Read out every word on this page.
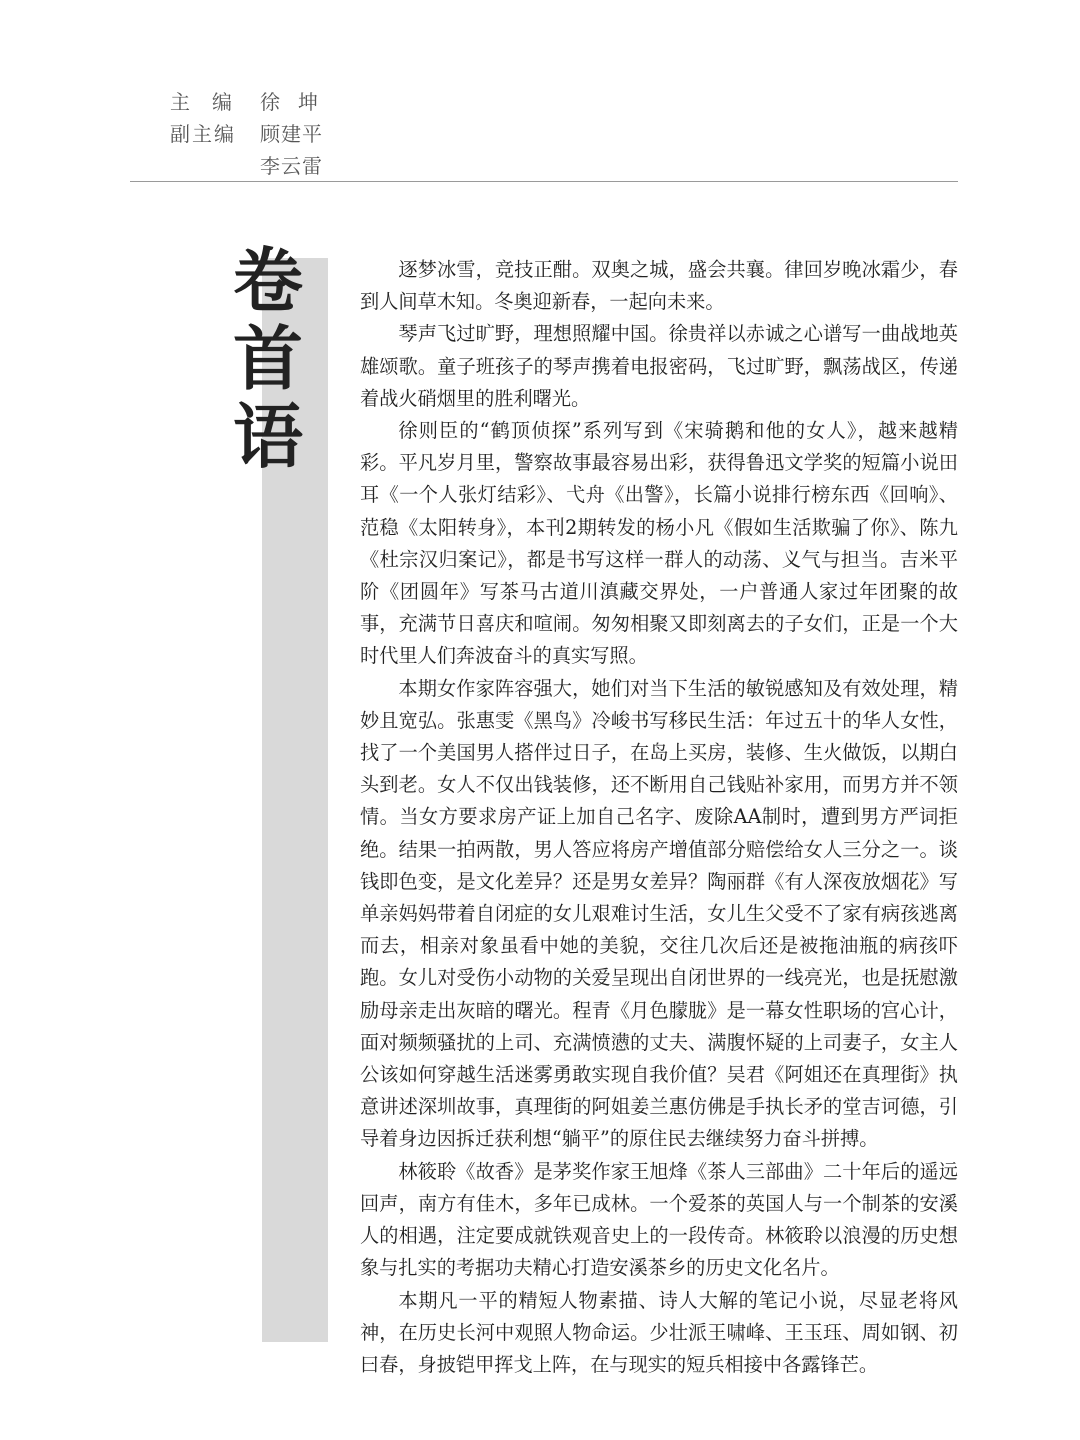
主编 徐坤
副主编 顾建平
李云雷
卷
首
语

逐梦冰雪，竞技正酣。双奥之城，盛会共襄。律回岁晚冰霜少，春到人间草木知。冬奥迎新春，一起向未来。

琴声飞过旷野，理想照耀中国。徐贵祥以赤诚之心谱写一曲战地英雄颂歌。童子班孩子的琴声携着电报密码，飞过旷野，飘荡战区，传递着战火硝烟里的胜利曙光。

徐则臣的“鹤顶侦探”系列写到《宋骑鹅和他的女人》，越来越精彩。平凡岁月里，警察故事最容易出彩，获得鲁迅文学奖的短篇小说田耳《一个人张灯结彩》、弋舟《出警》，长篇小说排行榜东西《回响》、范稳《太阳转身》，本刊2期转发的杨小凡《假如生活欺骗了你》、陈九《杜宗汉归案记》，都是书写这样一群人的动荡、义气与担当。吉米平阶《团圆年》写茶马古道川滇藏交界处，一户普通人家过年团聚的故事，充满节日喜庆和喧闹。匆匆相聚又即刻离去的子女们，正是一个大时代里人们奔波奋斗的真实写照。

本期女作家阵容强大，她们对当下生活的敏锐感知及有效处理，精妙且宽弘。张惠雯《黑鸟》冷峻书写移民生活：年过五十的华人女性，找了一个美国男人搭伴过日子，在岛上买房，装修、生火做饭，以期白头到老。女人不仅出钱装修，还不断用自己钱贴补家用，而男方并不领情。当女方要求房产证上加自己名字、废除AA制时，遭到男方严词拒绝。结果一拍两散，男人答应将房产增值部分赔偿给女人三分之一。谈钱即色变，是文化差异？还是男女差异？陶丽群《有人深夜放烟花》写单亲妈妈带着自闭症的女儿艰难讨生活，女儿生父受不了家有病孩逃离而去，相亲对象虽看中她的美貌，交往几次后还是被拖油瓶的病孩吓跑。女儿对受伤小动物的关爱呈现出自闭世界的一线亮光，也是抚慰激励母亲走出灰暗的曙光。程青《月色朦胧》是一幕女性职场的宫心计，面对频频骚扰的上司、充满愤懑的丈夫、满腹怀疑的上司妻子，女主人公该如何穿越生活迷雾勇敢实现自我价值？吴君《阿姐还在真理街》执意讲述深圳故事，真理街的阿姐姜兰惠仿佛是手执长矛的堂吉诃德，引导着身边因拆迁获利想“躺平”的原住民去继续努力奋斗拼搏。

林筱聆《故香》是茅奖作家王旭烽《茶人三部曲》二十年后的遥远回声，南方有佳木，多年已成林。一个爱茶的英国人与一个制茶的安溪人的相遇，注定要成就铁观音史上的一段传奇。林筱聆以浪漫的历史想象与扎实的考据功夫精心打造安溪茶乡的历史文化名片。

本期凡一平的精短人物素描、诗人大解的笔记小说，尽显老将风神，在历史长河中观照人物命运。少壮派王啸峰、王玉珏、周如钢、初曰春，身披铠甲挥戈上阵，在与现实的短兵相接中各露锋芒。
